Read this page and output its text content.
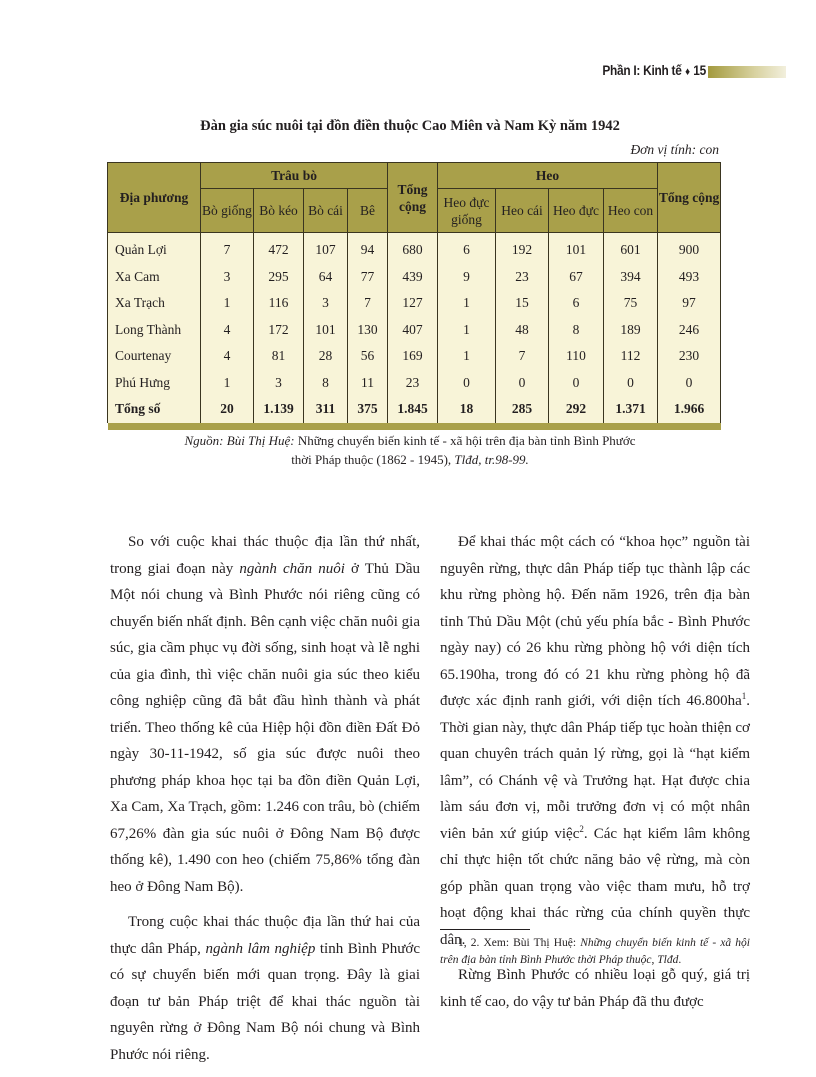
Phần I: Kinh tế ♦ 15
Đàn gia súc nuôi tại đồn điền thuộc Cao Miên và Nam Kỳ năm 1942
Đơn vị tính: con
Địa phương	Trâu bò				Tổng cộng	Heo				Tổng cộng
	Bò giống	Bò kéo	Bò cái	Bê		Heo đực giống	Heo cái	Heo đực	Heo con	
Quản Lợi	7	472	107	94	680	6	192	101	601	900
Xa Cam	3	295	64	77	439	9	23	67	394	493
Xa Trạch	1	116	3	7	127	1	15	6	75	97
Long Thành	4	172	101	130	407	1	48	8	189	246
Courtenay	4	81	28	56	169	1	7	110	112	230
Phú Hưng	1	3	8	11	23	0	0	0	0	0
Tổng số	20	1.139	311	375	1.845	18	285	292	1.371	1.966

Nguồn: Bùi Thị Huệ: Những chuyển biến kinh tế - xã hội trên địa bàn tỉnh Bình Phước
thời Pháp thuộc (1862 - 1945), Tlđd, tr.98-99.

So với cuộc khai thác thuộc địa lần thứ nhất, trong giai đoạn này ngành chăn nuôi ở Thủ Dầu Một nói chung và Bình Phước nói riêng cũng có chuyển biến nhất định. Bên cạnh việc chăn nuôi gia súc, gia cầm phục vụ đời sống, sinh hoạt và lễ nghi của gia đình, thì việc chăn nuôi gia súc theo kiểu công nghiệp cũng đã bắt đầu hình thành và phát triển. Theo thống kê của Hiệp hội đồn điền Đất Đỏ ngày 30-11-1942, số gia súc được nuôi theo phương pháp khoa học tại ba đồn điền Quản Lợi, Xa Cam, Xa Trạch, gồm: 1.246 con trâu, bò (chiếm 67,26% đàn gia súc nuôi ở Đông Nam Bộ được thống kê), 1.490 con heo (chiếm 75,86% tổng đàn heo ở Đông Nam Bộ).

Trong cuộc khai thác thuộc địa lần thứ hai của thực dân Pháp, ngành lâm nghiệp tỉnh Bình Phước có sự chuyển biến mới quan trọng. Đây là giai đoạn tư bản Pháp triệt để khai thác nguồn tài nguyên rừng ở Đông Nam Bộ nói chung và Bình Phước nói riêng.

Để khai thác một cách có “khoa học” nguồn tài nguyên rừng, thực dân Pháp tiếp tục thành lập các khu rừng phòng hộ. Đến năm 1926, trên địa bàn tỉnh Thủ Dầu Một (chủ yếu phía bắc - Bình Phước ngày nay) có 26 khu rừng phòng hộ với diện tích 65.190ha, trong đó có 21 khu rừng phòng hộ đã được xác định ranh giới, với diện tích $46.800ha^1$. Thời gian này, thực dân Pháp tiếp tục hoàn thiện cơ quan chuyên trách quản lý rừng, gọi là “hạt kiểm lâm”, có Chánh vệ và Trưởng hạt. Hạt được chia làm sáu đơn vị, mỗi trưởng đơn vị có một nhân viên bản xứ giúp việc$^2$. Các hạt kiểm lâm không chỉ thực hiện tốt chức năng bảo vệ rừng, mà còn góp phần quan trọng vào việc tham mưu, hỗ trợ hoạt động khai thác rừng của chính quyền thực dân.

Rừng Bình Phước có nhiều loại gỗ quý, giá trị kinh tế cao, do vậy tư bản Pháp đã thu được

1, 2. Xem: Bùi Thị Huệ: Những chuyển biến kinh tế - xã hội trên địa bàn tỉnh Bình Phước thời Pháp thuộc, Tlđd.
